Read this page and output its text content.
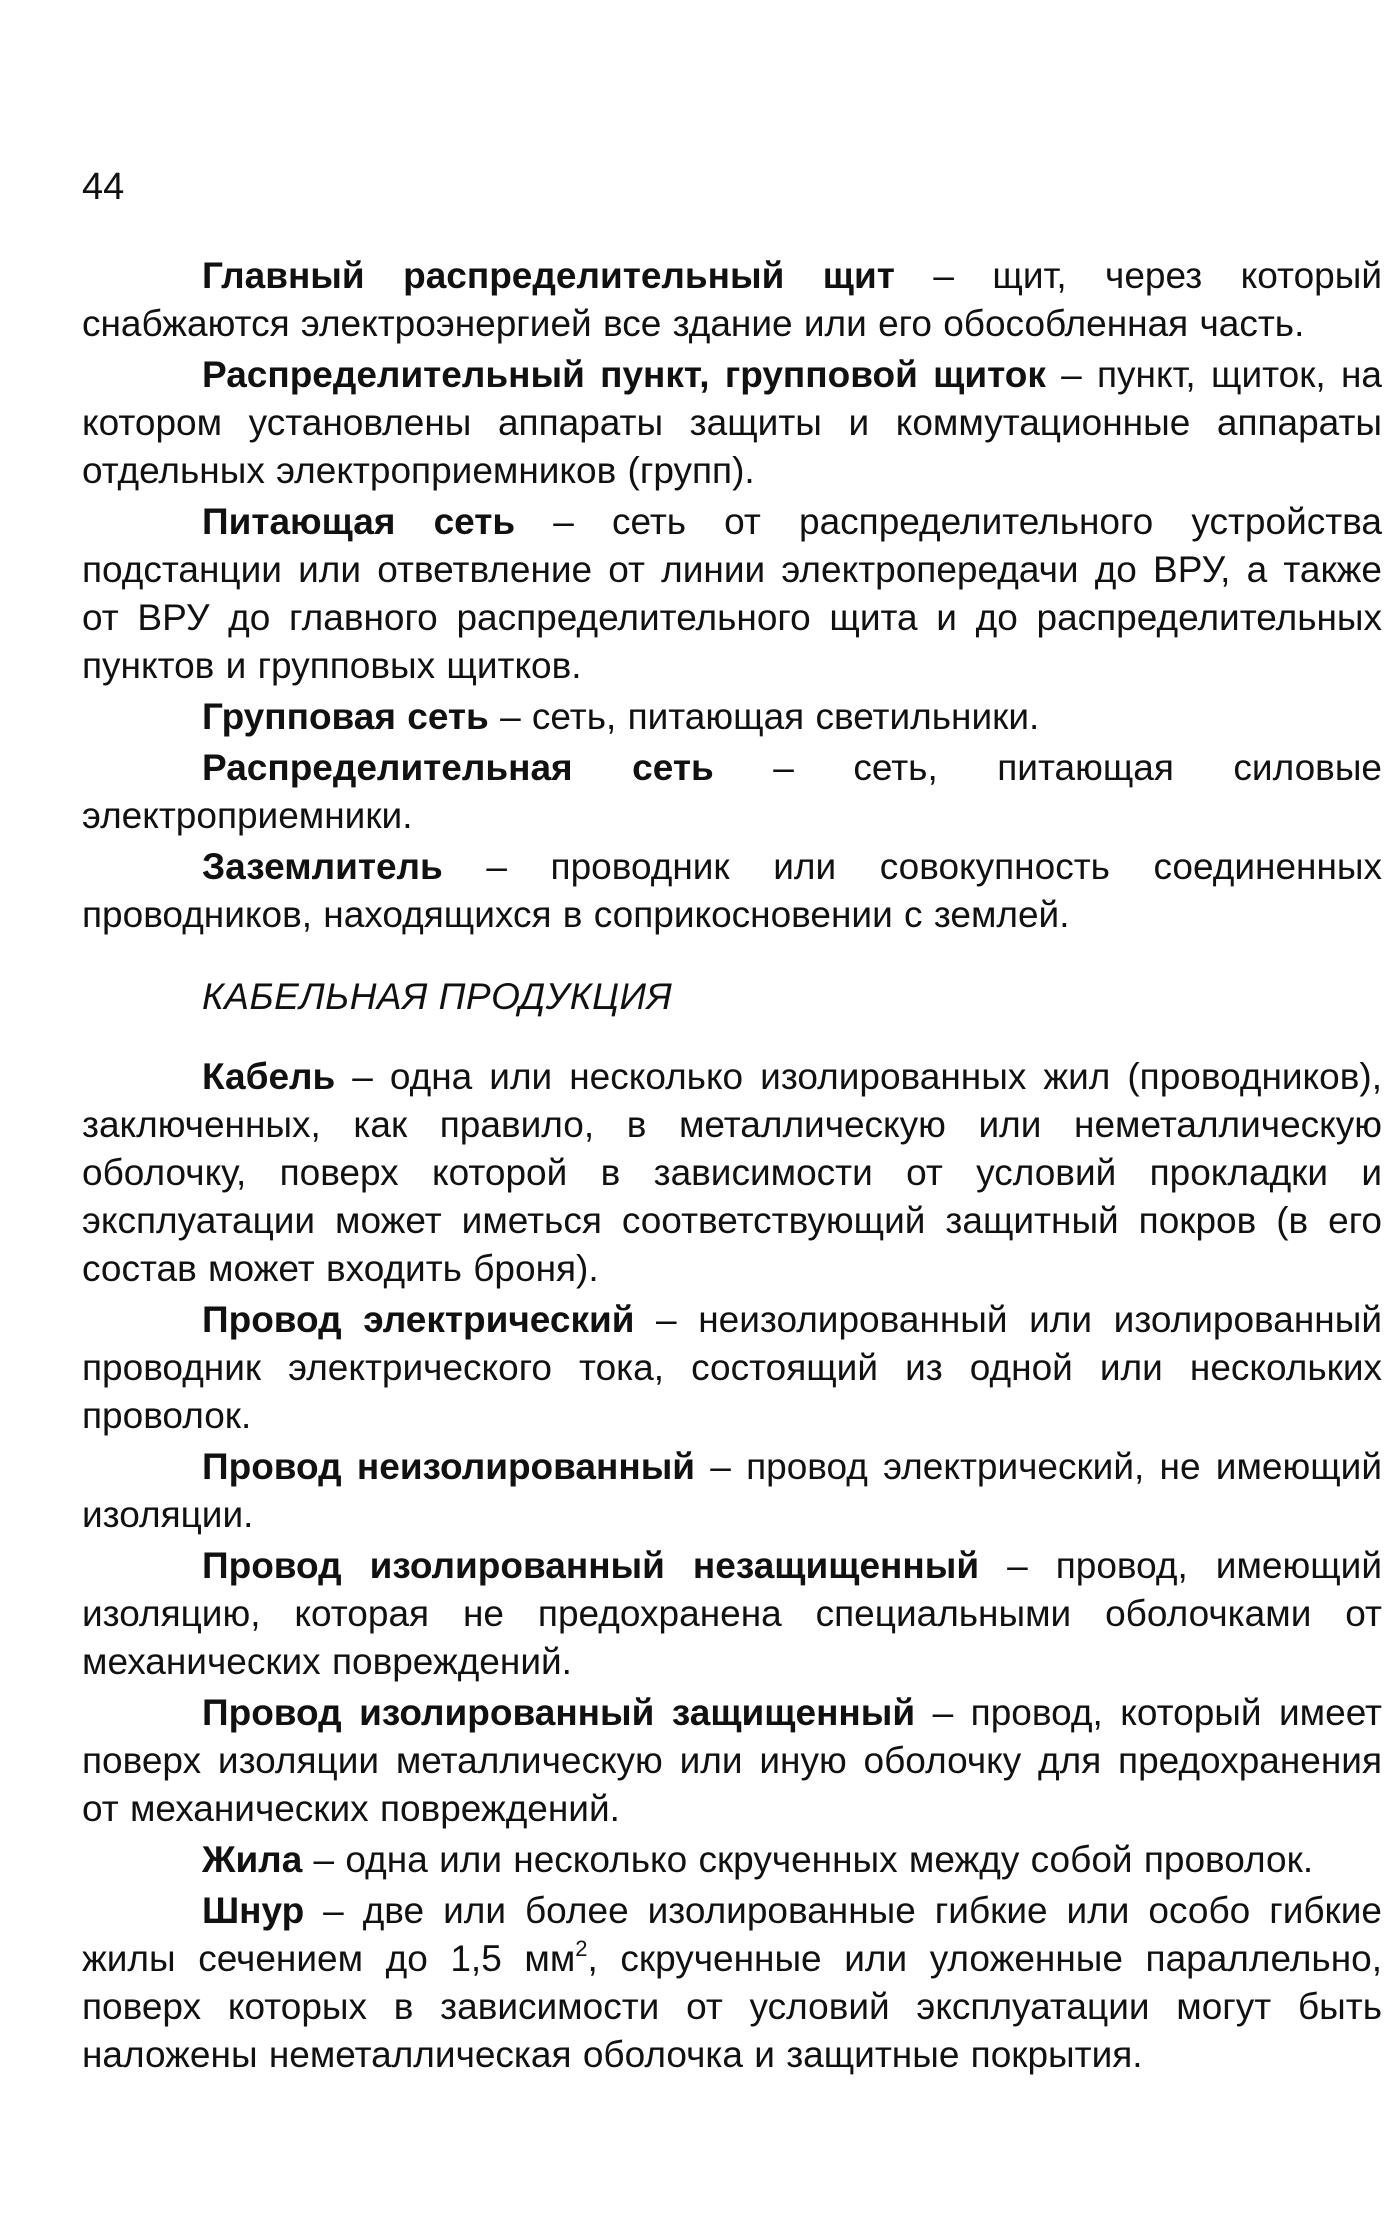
44

Главный распределительный щит – щит, через который снабжаются электроэнергией все здание или его обособленная часть.

Распределительный пункт, групповой щиток – пункт, щиток, на котором установлены аппараты защиты и коммутационные аппараты отдельных электроприемников (групп).

Питающая сеть – сеть от распределительного устройства подстанции или ответвление от линии электропередачи до ВРУ, а также от ВРУ до главного распределительного щита и до распределительных пунктов и групповых щитков.

Групповая сеть – сеть, питающая светильники.

Распределительная сеть – сеть, питающая силовые электроприемники.

Заземлитель – проводник или совокупность соединенных проводников, находящихся в соприкосновении с землей.

КАБЕЛЬНАЯ ПРОДУКЦИЯ

Кабель – одна или несколько изолированных жил (проводников), заключенных, как правило, в металлическую или неметаллическую оболочку, поверх которой в зависимости от условий прокладки и эксплуатации может иметься соответствующий защитный покров (в его состав может входить броня).

Провод электрический – неизолированный или изолированный проводник электрического тока, состоящий из одной или нескольких проволок.

Провод неизолированный – провод электрический, не имеющий изоляции.

Провод изолированный незащищенный – провод, имеющий изоляцию, которая не предохранена специальными оболочками от механических повреждений.

Провод изолированный защищенный – провод, который имеет поверх изоляции металлическую или иную оболочку для предохранения от механических повреждений.

Жила – одна или несколько скрученных между собой проволок.

Шнур – две или более изолированные гибкие или особо гибкие жилы сечением до 1,5 $мм^2$, скрученные или уложенные параллельно, поверх которых в зависимости от условий эксплуатации могут быть наложены неметаллическая оболочка и защитные покрытия.
